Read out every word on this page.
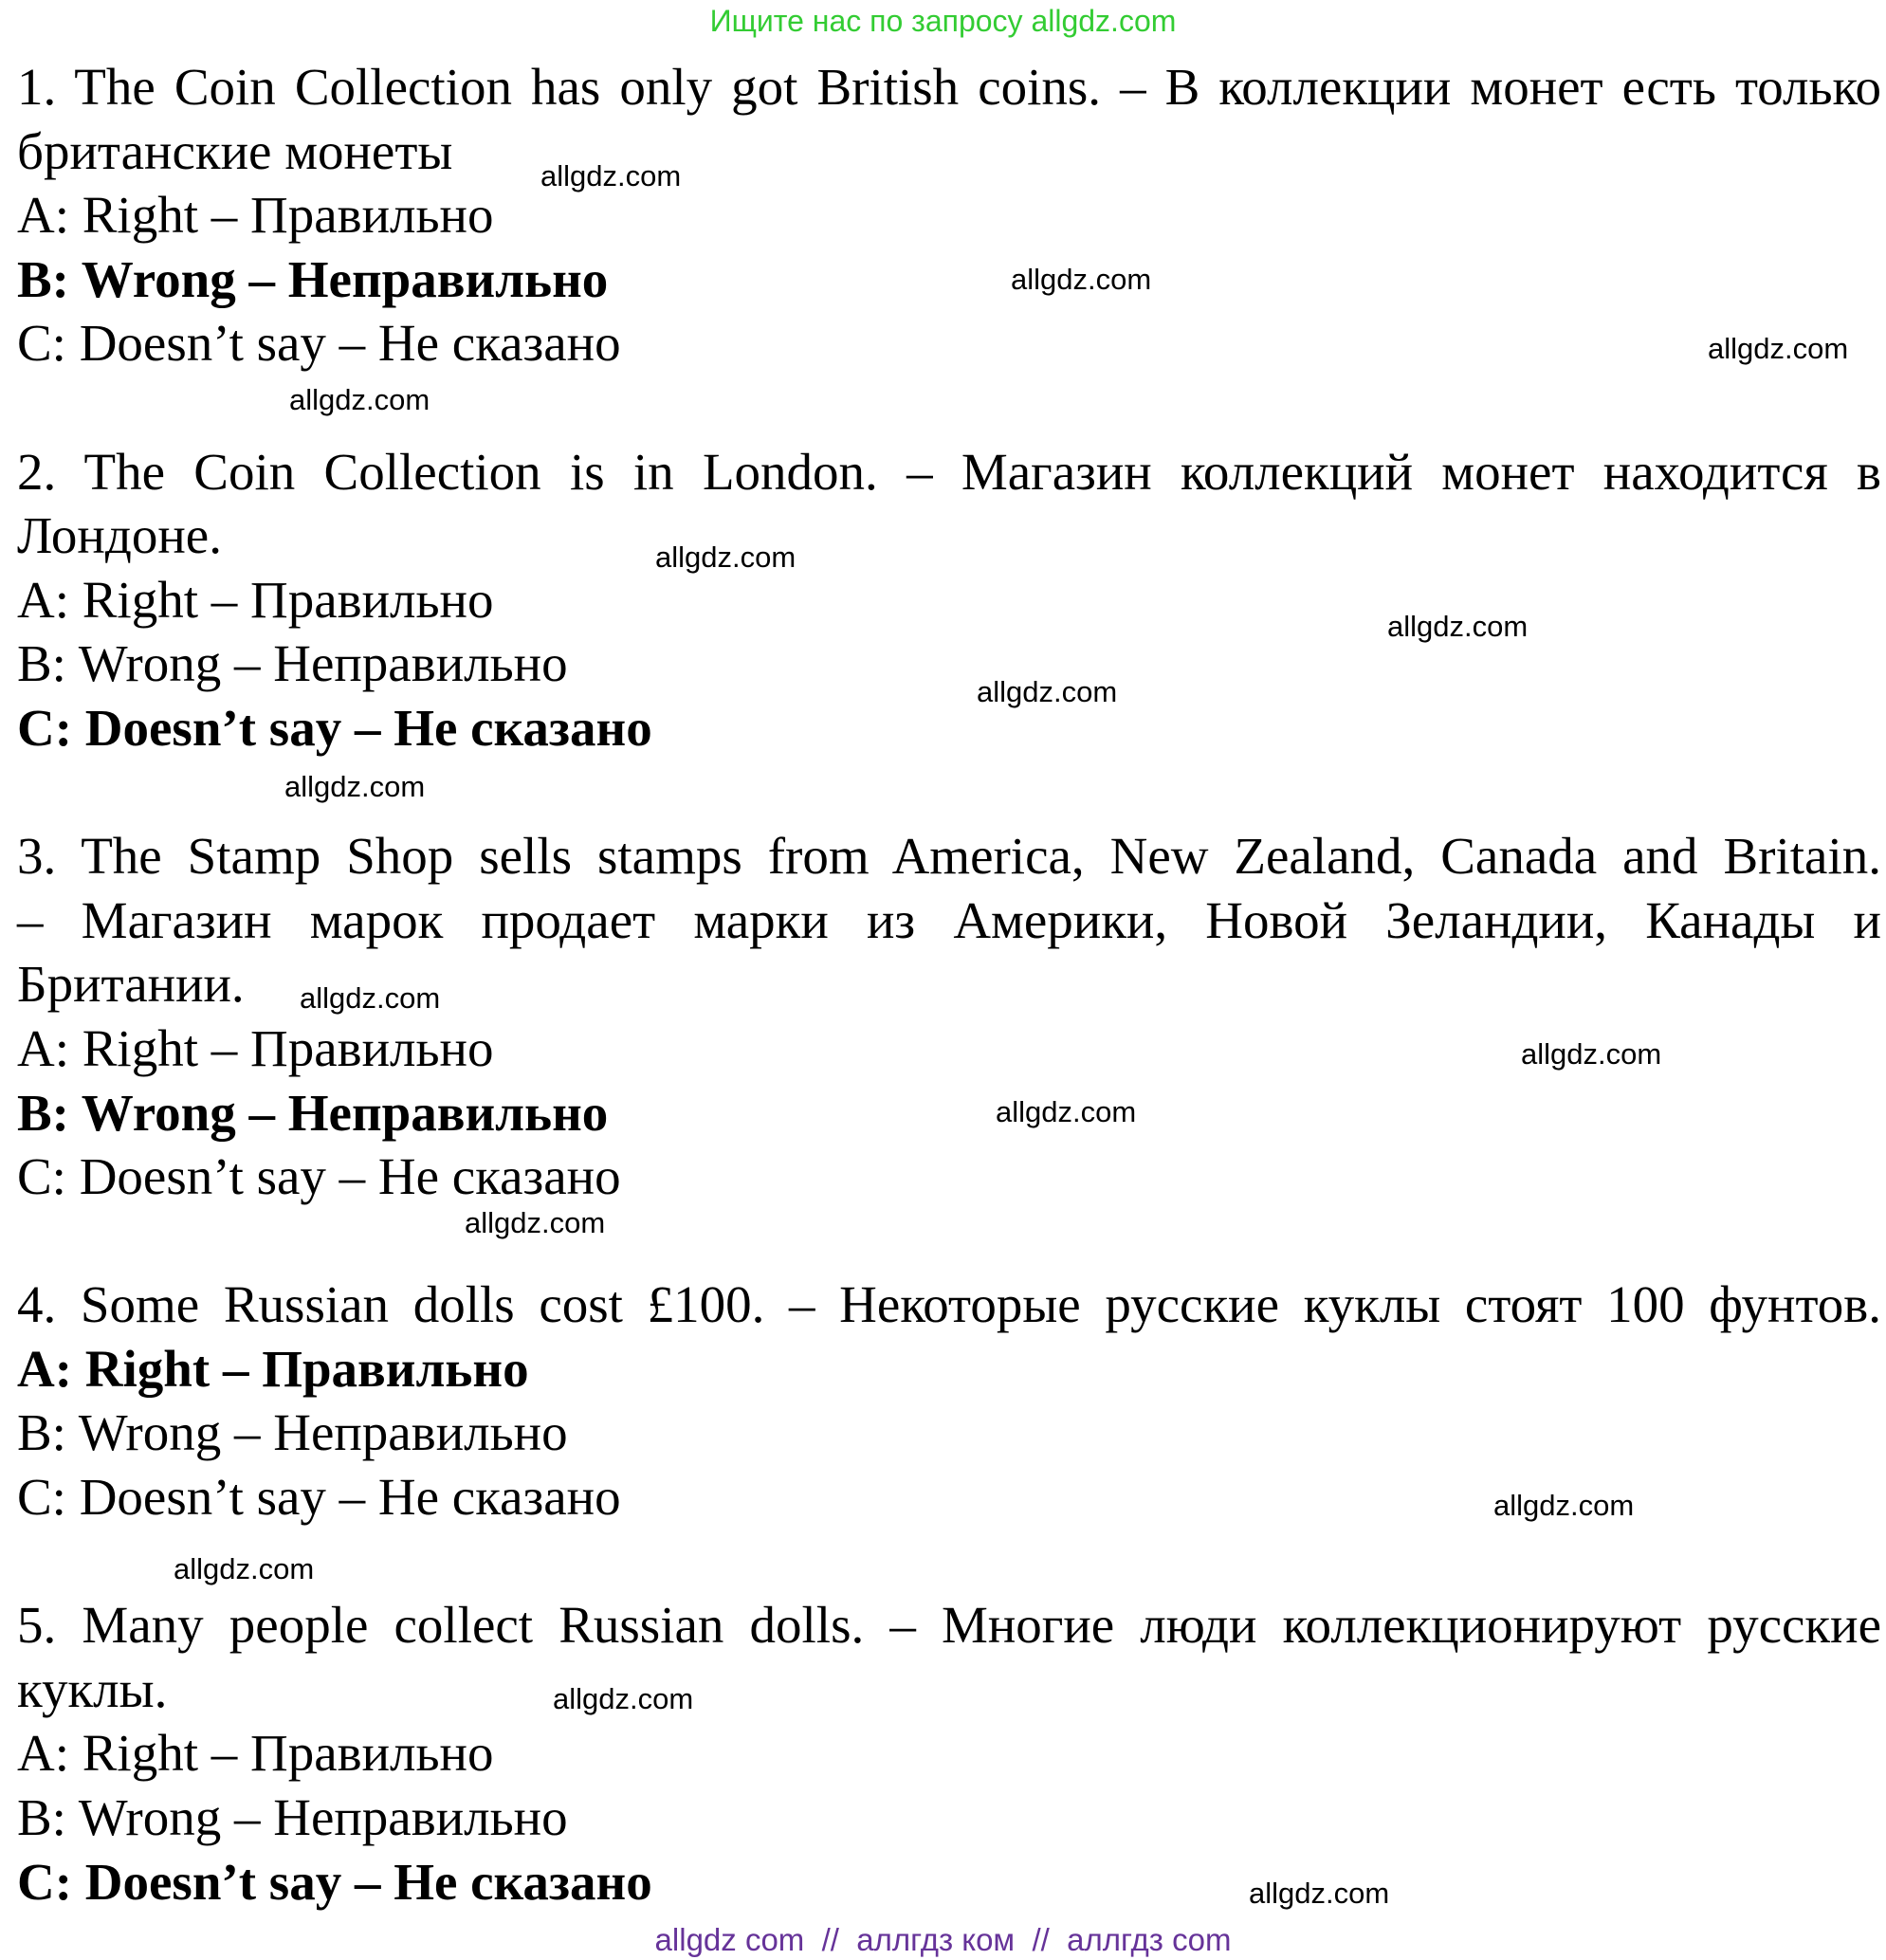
Ищите нас по запросу allgdz.com
1. The Coin Collection has only got British coins. – В коллекции монет есть только
британские монеты
A: Right – Правильно
B: Wrong – Неправильно
C: Doesn’t say – Не сказано
2. The Coin Collection is in London. – Магазин коллекций монет находится в
Лондоне.
A: Right – Правильно
B: Wrong – Неправильно
C: Doesn’t say – Не сказано
3. The Stamp Shop sells stamps from America, New Zealand, Canada and Britain.
– Магазин марок продает марки из Америки, Новой Зеландии, Канады и
Британии.
A: Right – Правильно
B: Wrong – Неправильно
C: Doesn’t say – Не сказано
4. Some Russian dolls cost £100. – Некоторые русские куклы стоят 100 фунтов.
A: Right – Правильно
B: Wrong – Неправильно
C: Doesn’t say – Не сказано
5. Many people collect Russian dolls. – Многие люди коллекционируют русские
куклы.
A: Right – Правильно
B: Wrong – Неправильно
C: Doesn’t say – Не сказано
allgdz.com
allgdz.com
allgdz.com
allgdz.com
allgdz.com
allgdz.com
allgdz.com
allgdz.com
allgdz.com
allgdz.com
allgdz.com
allgdz.com
allgdz.com
allgdz.com
allgdz.com
allgdz.com
allgdz com  //  аллгдз ком  //  аллгдз com
